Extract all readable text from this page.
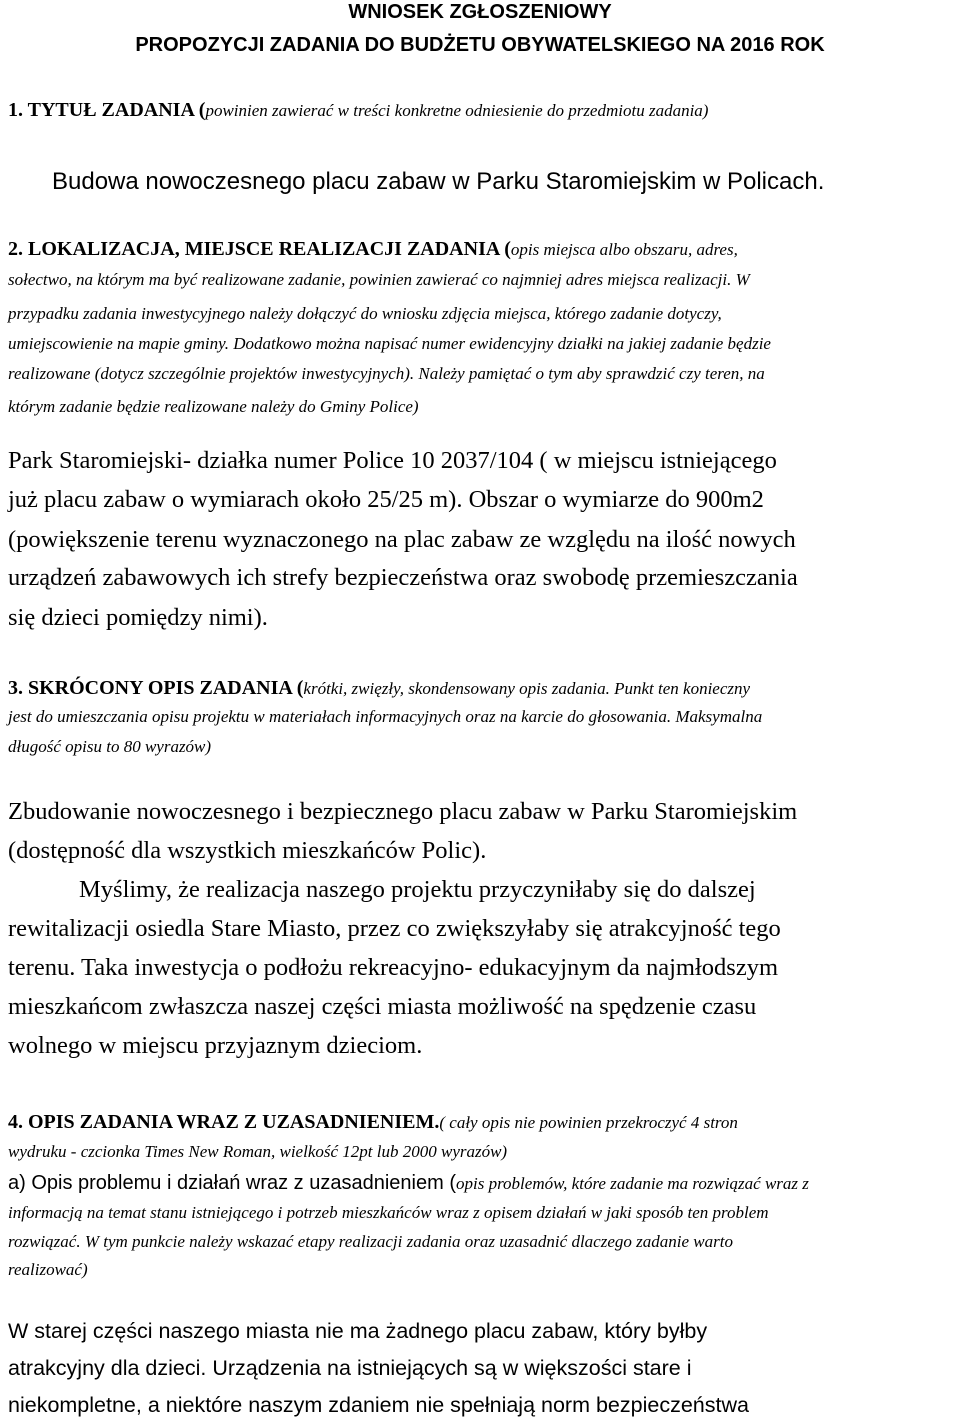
WNIOSEK ZGŁOSZENIOWY
PROPOZYCJI ZADANIA DO BUDŻETU OBYWATELSKIEGO NA 2016 ROK
1. TYTUŁ ZADANIA (powinien zawierać w treści konkretne odniesienie do przedmiotu zadania)
Budowa nowoczesnego placu zabaw w Parku Staromiejskim w Policach.
2. LOKALIZACJA, MIEJSCE REALIZACJI ZADANIA (opis miejsca albo obszaru, adres,
sołectwo, na którym ma być realizowane zadanie, powinien zawierać co najmniej adres miejsca realizacji. W
przypadku zadania inwestycyjnego należy dołączyć do wniosku zdjęcia miejsca, którego zadanie dotyczy,
umiejscowienie na mapie gminy. Dodatkowo można napisać numer ewidencyjny działki na jakiej zadanie będzie
realizowane (dotycz szczególnie projektów inwestycyjnych). Należy pamiętać o tym aby sprawdzić czy teren, na
którym zadanie będzie realizowane należy do Gminy Police)
Park Staromiejski- działka numer Police 10 2037/104 ( w miejscu istniejącego
już placu zabaw o wymiarach około 25/25 m). Obszar o wymiarze do 900m2
(powiększenie terenu wyznaczonego na plac zabaw ze względu na ilość nowych
urządzeń zabawowych ich strefy bezpieczeństwa oraz swobodę przemieszczania
się dzieci pomiędzy nimi).
3. SKRÓCONY OPIS ZADANIA (krótki, zwięzły, skondensowany opis zadania. Punkt ten konieczny
jest do umieszczania opisu projektu w materiałach informacyjnych oraz na karcie do głosowania. Maksymalna
długość opisu to 80 wyrazów)
Zbudowanie nowoczesnego i bezpiecznego placu zabaw w Parku Staromiejskim
(dostępność dla wszystkich mieszkańców Polic).
Myślimy, że realizacja naszego projektu przyczyniłaby się do dalszej
rewitalizacji osiedla Stare Miasto, przez co zwiększyłaby się atrakcyjność tego
terenu. Taka inwestycja o podłożu rekreacyjno- edukacyjnym da najmłodszym
mieszkańcom zwłaszcza naszej części miasta możliwość na spędzenie czasu
wolnego w miejscu przyjaznym dzieciom.
4. OPIS ZADANIA WRAZ Z UZASADNIENIEM.( cały opis nie powinien przekroczyć 4 stron
wydruku - czcionka Times New Roman, wielkość 12pt lub 2000 wyrazów)
a) Opis problemu i działań wraz z uzasadnieniem (opis problemów, które zadanie ma rozwiązać wraz z
informacją na temat stanu istniejącego i potrzeb mieszkańców wraz z opisem działań w jaki sposób ten problem
rozwiązać. W tym punkcie należy wskazać etapy realizacji zadania oraz uzasadnić dlaczego zadanie warto
realizować)
W starej części naszego miasta nie ma żadnego placu zabaw, który byłby
atrakcyjny dla dzieci. Urządzenia na istniejących są w większości stare i
niekompletne, a niektóre naszym zdaniem nie spełniają norm bezpieczeństwa
